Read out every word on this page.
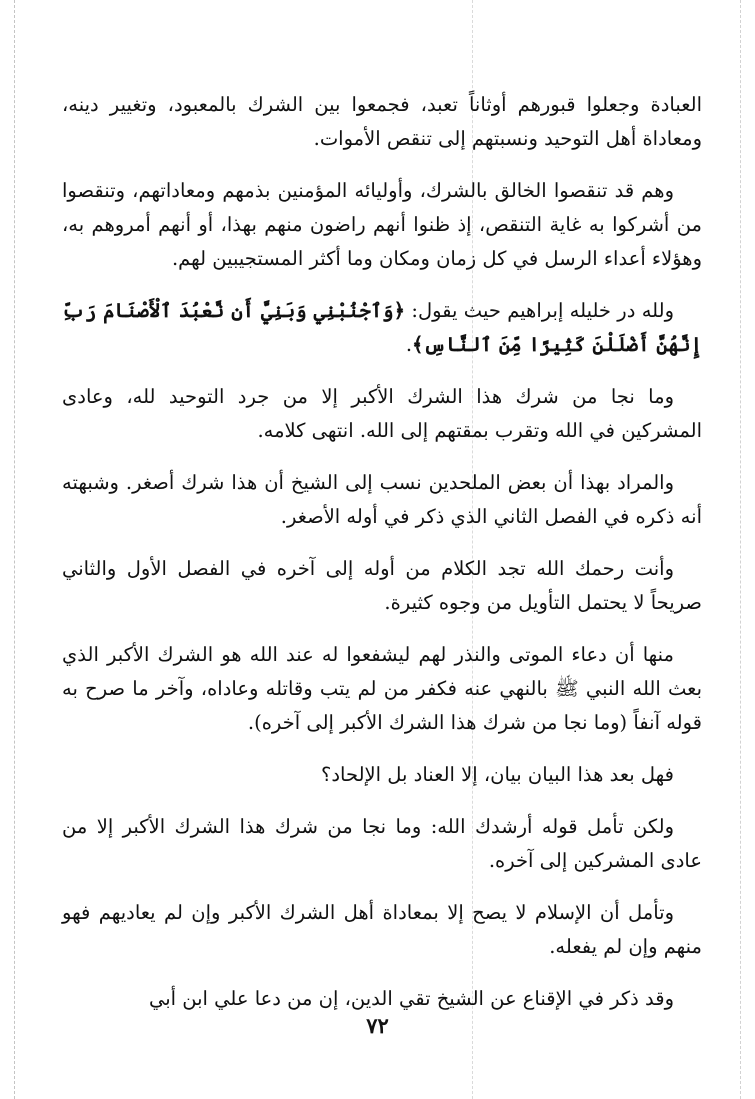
العبادة وجعلوا قبورهم أوثاناً تعبد، فجمعوا بين الشرك بالمعبود، وتغيير دينه، ومعاداة أهل التوحيد ونسبتهم إلى تنقص الأموات.

وهم قد تنقصوا الخالق بالشرك، وأوليائه المؤمنين بذمهم ومعاداتهم، وتنقصوا من أشركوا به غاية التنقص، إذ ظنوا أنهم راضون منهم بهذا، أو أنهم أمروهم به، وهؤلاء أعداء الرسل في كل زمان ومكان وما أكثر المستجيبين لهم.

ولله در خليله إبراهيم حيث يقول: ﴿وَٱجْنُبْنِي وَبَنِيَّ أَن نَّعْبُدَ ٱلْأَصْنَامَ رَبِّ إِنَّهُنَّ أَضْلَلْنَ كَثِيرًا مِّنَ ٱلنَّاسِ﴾.

وما نجا من شرك هذا الشرك الأكبر إلا من جرد التوحيد لله، وعادى المشركين في الله وتقرب بمقتهم إلى الله. انتهى كلامه.

والمراد بهذا أن بعض الملحدين نسب إلى الشيخ أن هذا شرك أصغر. وشبهته أنه ذكره في الفصل الثاني الذي ذكر في أوله الأصغر.

وأنت رحمك الله تجد الكلام من أوله إلى آخره في الفصل الأول والثاني صريحاً لا يحتمل التأويل من وجوه كثيرة.

منها أن دعاء الموتى والنذر لهم ليشفعوا له عند الله هو الشرك الأكبر الذي بعث الله النبي ﷺ بالنهي عنه فكفر من لم يتب وقاتله وعاداه، وآخر ما صرح به قوله آنفاً (وما نجا من شرك هذا الشرك الأكبر إلى آخره).

فهل بعد هذا البيان بيان، إلا العناد بل الإلحاد؟

ولكن تأمل قوله أرشدك الله: وما نجا من شرك هذا الشرك الأكبر إلا من عادى المشركين إلى آخره.

وتأمل أن الإسلام لا يصح إلا بمعاداة أهل الشرك الأكبر وإن لم يعاديهم فهو منهم وإن لم يفعله.

وقد ذكر في الإقناع عن الشيخ تقي الدين، إن من دعا علي ابن أبي

٧٢
